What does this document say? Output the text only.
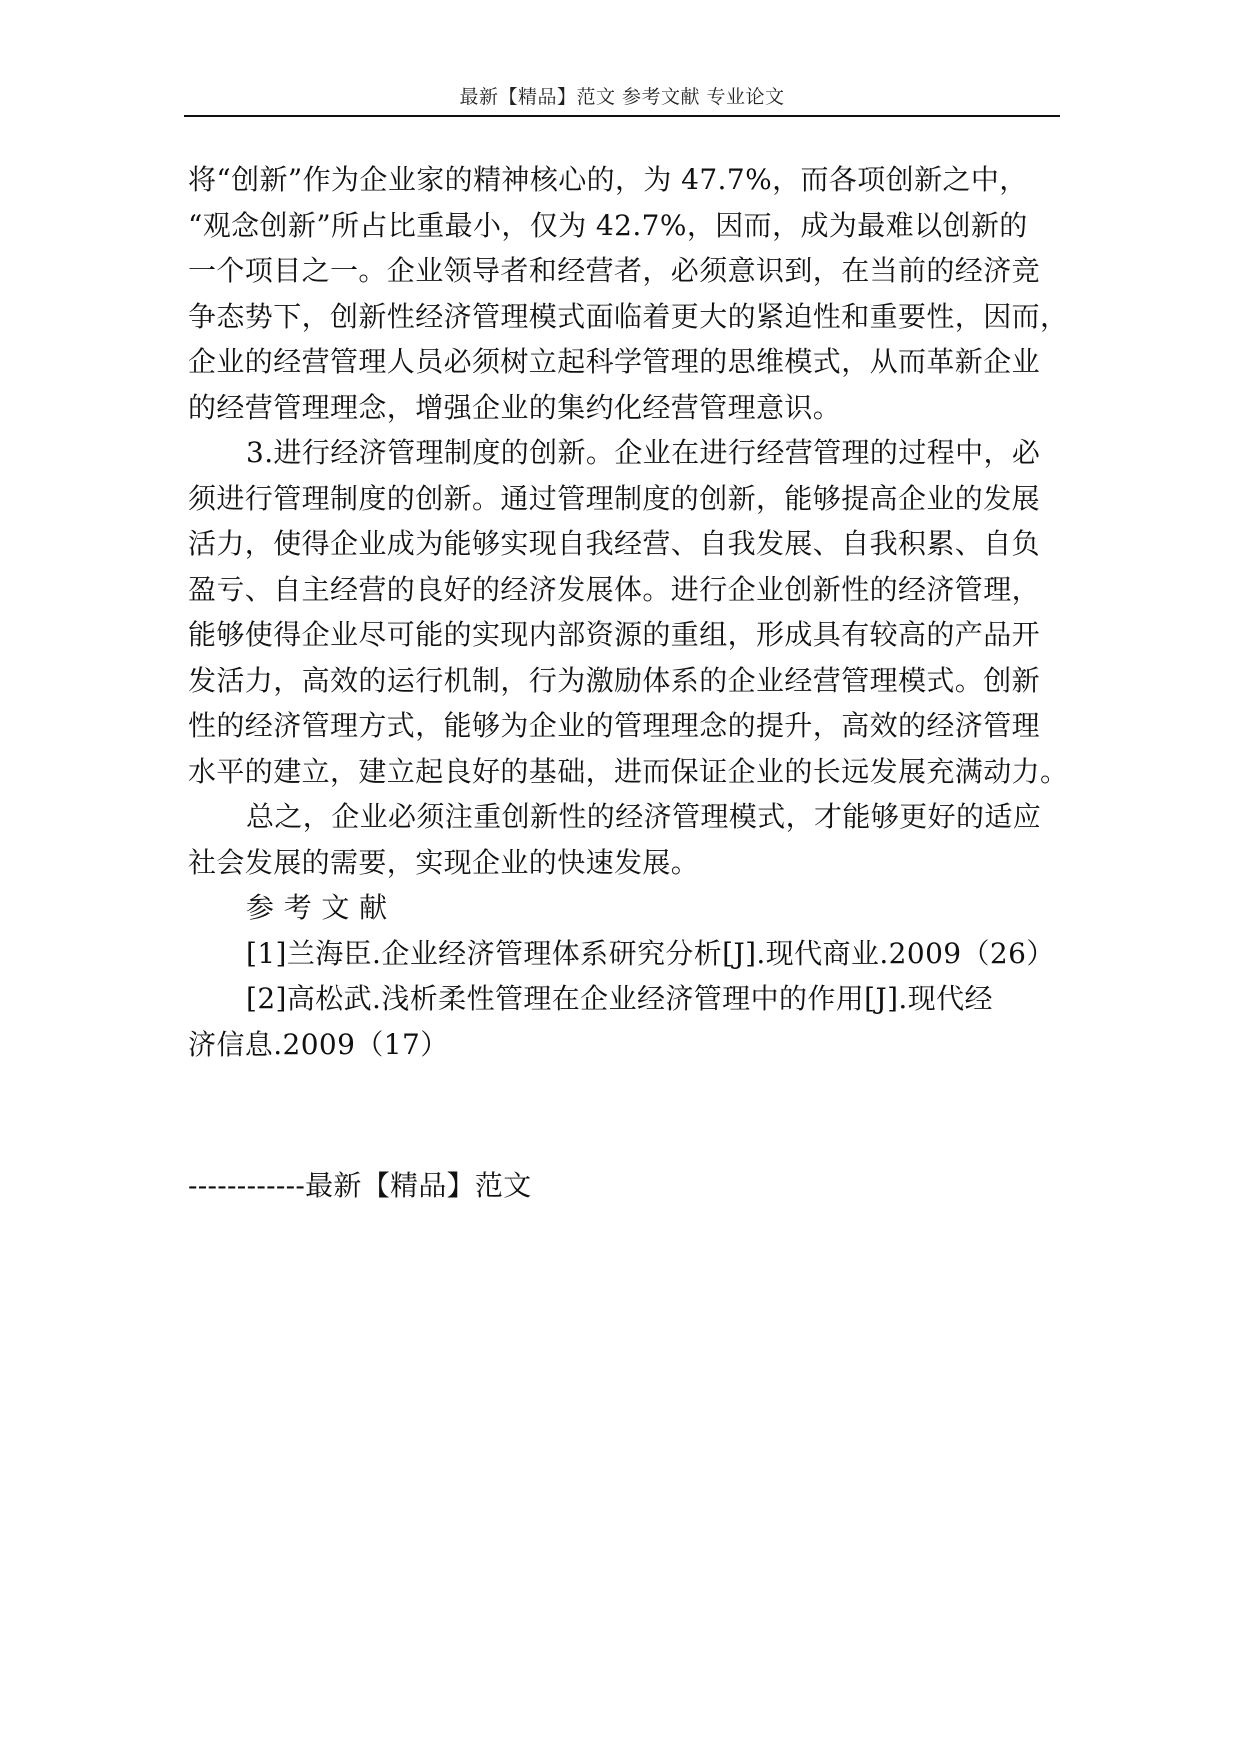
最新【精品】范文 参考文献 专业论文
将“创新”作为企业家的精神核心的，为 47.7%，而各项创新之中，
“观念创新”所占比重最小，仅为 42.7%，因而，成为最难以创新的
一个项目之一。企业领导者和经营者，必须意识到，在当前的经济竞
争态势下，创新性经济管理模式面临着更大的紧迫性和重要性，因而，
企业的经营管理人员必须树立起科学管理的思维模式，从而革新企业
的经营管理理念，增强企业的集约化经营管理意识。
3.进行经济管理制度的创新。企业在进行经营管理的过程中，必
须进行管理制度的创新。通过管理制度的创新，能够提高企业的发展
活力，使得企业成为能够实现自我经营、自我发展、自我积累、自负
盈亏、自主经营的良好的经济发展体。进行企业创新性的经济管理，
能够使得企业尽可能的实现内部资源的重组，形成具有较高的产品开
发活力，高效的运行机制，行为激励体系的企业经营管理模式。创新
性的经济管理方式，能够为企业的管理理念的提升，高效的经济管理
水平的建立，建立起良好的基础，进而保证企业的长远发展充满动力。
总之，企业必须注重创新性的经济管理模式，才能够更好的适应
社会发展的需要，实现企业的快速发展。
参 考 文 献
[1]兰海臣.企业经济管理体系研究分析[J].现代商业.2009（26）
[2]高松武.浅析柔性管理在企业经济管理中的作用[J].现代经
济信息.2009（17）
------------最新【精品】范文
